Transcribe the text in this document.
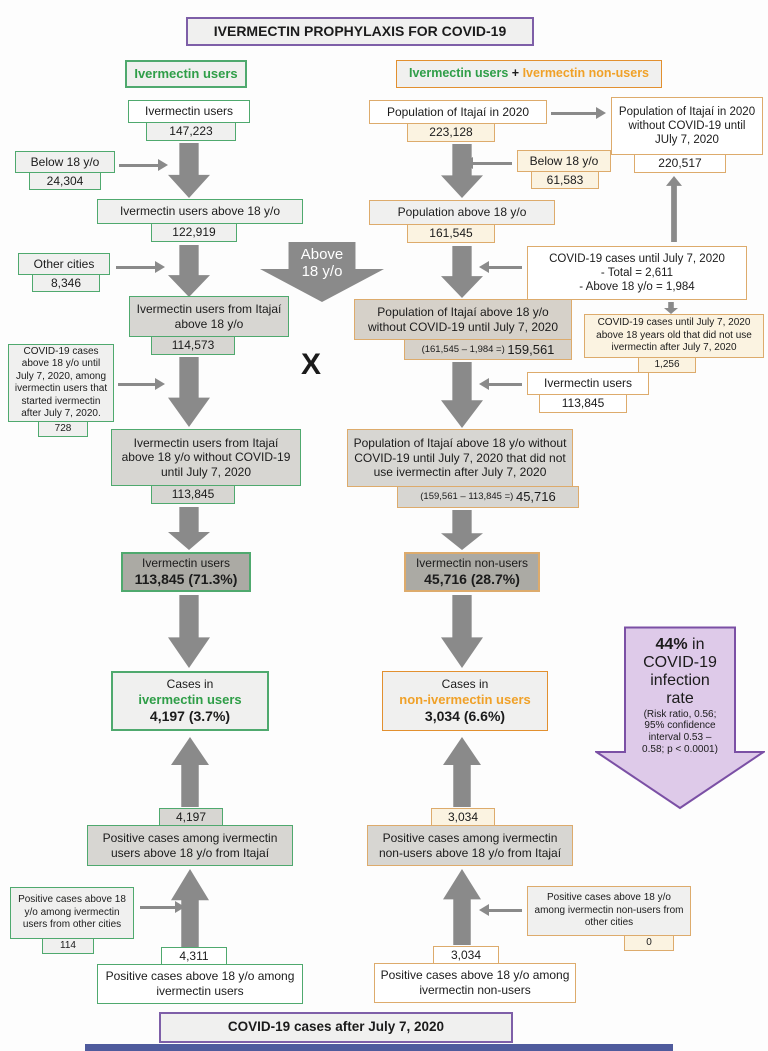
IVERMECTIN PROPHYLAXIS FOR COVID-19
Ivermectin users	Ivermectin users + Ivermectin non-users
Ivermectin users
147,223
Below 18 y/o
24,304
Ivermectin users above 18 y/o
122,919
Other cities
8,346
Ivermectin users from Itajaí above 18 y/o
114,573
COVID-19 cases above 18 y/o until July 7, 2020, among ivermectin users that started ivermectin after July 7, 2020.
728
Ivermectin users from Itajaí above 18 y/o without COVID-19 until July 7, 2020
113,845
Ivermectin users
113,845 (71.3%)
Cases in
ivermectin users
4,197 (3.7%)
4,197
Positive cases among ivermectin users above 18 y/o from Itajaí
Positive cases above 18 y/o among ivermectin users from other cities
114
4,311
Positive cases above 18 y/o among ivermectin users
Population of Itajaí in 2020
223,128
Population of Itajaí in 2020 without COVID-19 until JUly 7, 2020
220,517
Below 18 y/o
61,583
Population above 18 y/o
161,545
COVID-19 cases until July 7, 2020
- Total = 2,611
- Above 18 y/o = 1,984
COVID-19 cases until July 7, 2020 above 18 years old that did not use ivermectin after July 7, 2020
1,256
Population of Itajaí above 18 y/o without COVID-19 until July 7, 2020
(161,545 – 1,984 =) 159,561
Ivermectin users
113,845
Population of Itajaí above 18 y/o without COVID-19 until July 7, 2020 that did not use ivermectin after July 7, 2020
(159,561 – 113,845 =) 45,716
Ivermectin non-users
45,716 (28.7%)
Cases in
non-ivermectin users
3,034 (6.6%)
3,034
Positive cases among ivermectin non-users above 18 y/o from Itajaí
Positive cases above 18 y/o among ivermectin non-users from other cities
0
3,034
Positive cases above 18 y/o among ivermectin non-users
Above
18 y/o
X
44% in
COVID-19
infection
rate
(Risk ratio, 0.56;
95% confidence
interval 0.53 –
0.58; p < 0.0001)
COVID-19 cases after July 7, 2020
